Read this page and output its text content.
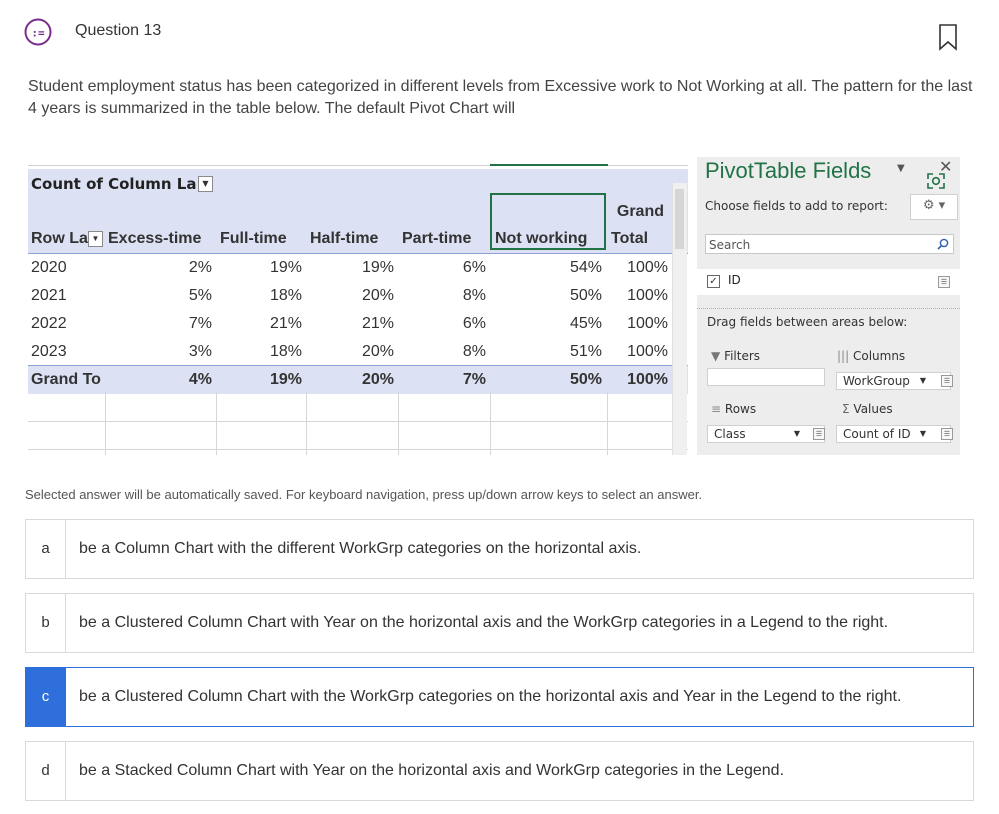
:= Question 13
Student employment status has been categorized in different levels from Excessive work to Not Working at all. The pattern for the last 4 years is summarized in the table below. The default Pivot Chart will
Count of Column La ▼
Grand
Row La ▼ Excess-time	Full-time	Half-time	Part-time	Not working	Total
2020	2%	19%	19%	6%	54%	100%
2021	5%	18%	20%	8%	50%	100%
2022	7%	21%	21%	6%	45%	100%
2023	3%	18%	20%	8%	51%	100%
Grand To	4%	19%	20%	7%	50%	100%
PivotTable Fields	▼ ✕
Choose fields to add to report:	⚙ ▾
Search
✓ ID	☰
Drag fields between areas below:
▼ Filters	||| Columns
WorkGroup ▼	☰
≡ Rows	Σ Values
Class	▼	☰	Count of ID ▼	☰
Selected answer will be automatically saved. For keyboard navigation, press up/down arrow keys to select an answer.
a	be a Column Chart with the different WorkGrp categories on the horizontal axis.
b	be a Clustered Column Chart with Year on the horizontal axis and the WorkGrp categories in a Legend to the right.
c	be a Clustered Column Chart with the WorkGrp categories on the horizontal axis and Year in the Legend to the right.
d	be a Stacked Column Chart with Year on the horizontal axis and WorkGrp categories in the Legend.
